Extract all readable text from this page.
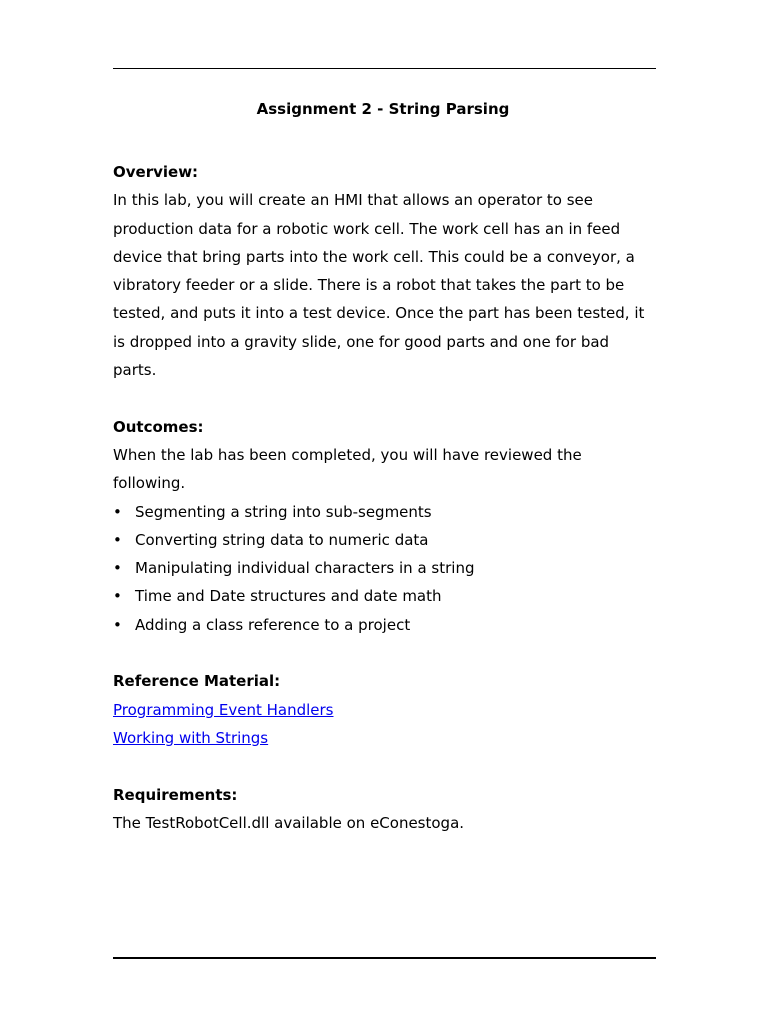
Assignment 2 - String Parsing
Overview:
In this lab, you will create an HMI that allows an operator to see
production data for a robotic work cell. The work cell has an in feed
device that bring parts into the work cell. This could be a conveyor, a
vibratory feeder or a slide. There is a robot that takes the part to be
tested, and puts it into a test device. Once the part has been tested, it
is dropped into a gravity slide, one for good parts and one for bad
parts.
Outcomes:
When the lab has been completed, you will have reviewed the
following.
• Segmenting a string into sub-segments
• Converting string data to numeric data
• Manipulating individual characters in a string
• Time and Date structures and date math
• Adding a class reference to a project
Reference Material:
Programming Event Handlers
Working with Strings
Requirements:
The TestRobotCell.dll available on eConestoga.
